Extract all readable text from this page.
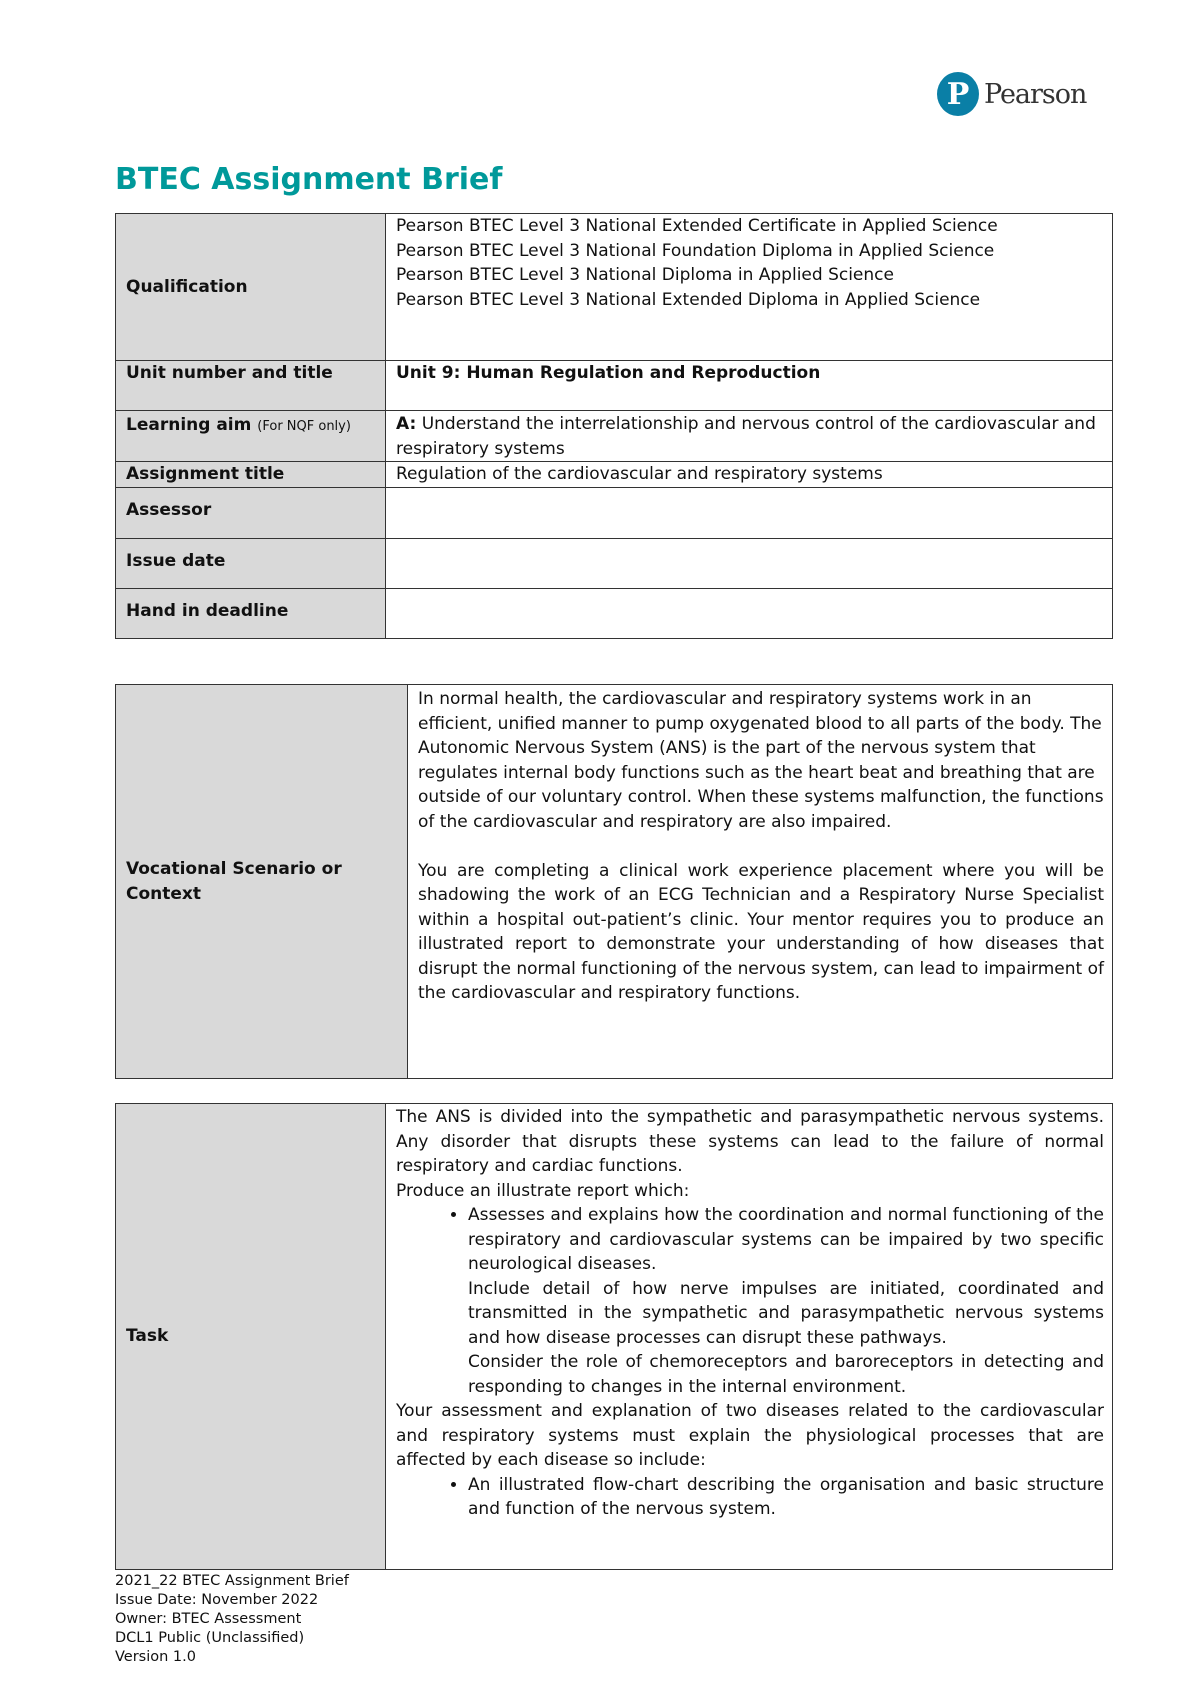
P Pearson
BTEC Assignment Brief
Qualification	Pearson BTEC Level 3 National Extended Certificate in Applied Science
Pearson BTEC Level 3 National Foundation Diploma in Applied Science
Pearson BTEC Level 3 National Diploma in Applied Science
Pearson BTEC Level 3 National Extended Diploma in Applied Science

Unit number and title	Unit 9: Human Regulation and Reproduction
Learning aim (For NQF only)	A: Understand the interrelationship and nervous control of the cardiovascular and respiratory systems
Assignment title	Regulation of the cardiovascular and respiratory systems
Assessor	
Issue date	
Hand in deadline	
Vocational Scenario or Context	
In normal health, the cardiovascular and respiratory systems work in an efficient, unified manner to pump oxygenated blood to all parts of the body. The Autonomic Nervous System (ANS) is the part of the nervous system that regulates internal body functions such as the heart beat and breathing that are outside of our voluntary control. When these systems malfunction, the functions of the cardiovascular and respiratory are also impaired.
You are completing a clinical work experience placement where you will be shadowing the work of an ECG Technician and a Respiratory Nurse Specialist within a hospital out-patient’s clinic. Your mentor requires you to produce an illustrated report to demonstrate your understanding of how diseases that disrupt the normal functioning of the nervous system, can lead to impairment of the cardiovascular and respiratory functions.
Task	
The ANS is divided into the sympathetic and parasympathetic nervous systems. Any disorder that disrupts these systems can lead to the failure of normal respiratory and cardiac functions.
Produce an illustrate report which:
• Assesses and explains how the coordination and normal functioning of the respiratory and cardiovascular systems can be impaired by two specific neurological diseases.
Include detail of how nerve impulses are initiated, coordinated and transmitted in the sympathetic and parasympathetic nervous systems and how disease processes can disrupt these pathways.
Consider the role of chemoreceptors and baroreceptors in detecting and responding to changes in the internal environment.
Your assessment and explanation of two diseases related to the cardiovascular and respiratory systems must explain the physiological processes that are affected by each disease so include:
• An illustrated flow-chart describing the organisation and basic structure and function of the nervous system.
2021_22 BTEC Assignment Brief
Issue Date: November 2022
Owner: BTEC Assessment
DCL1 Public (Unclassified)
Version 1.0
